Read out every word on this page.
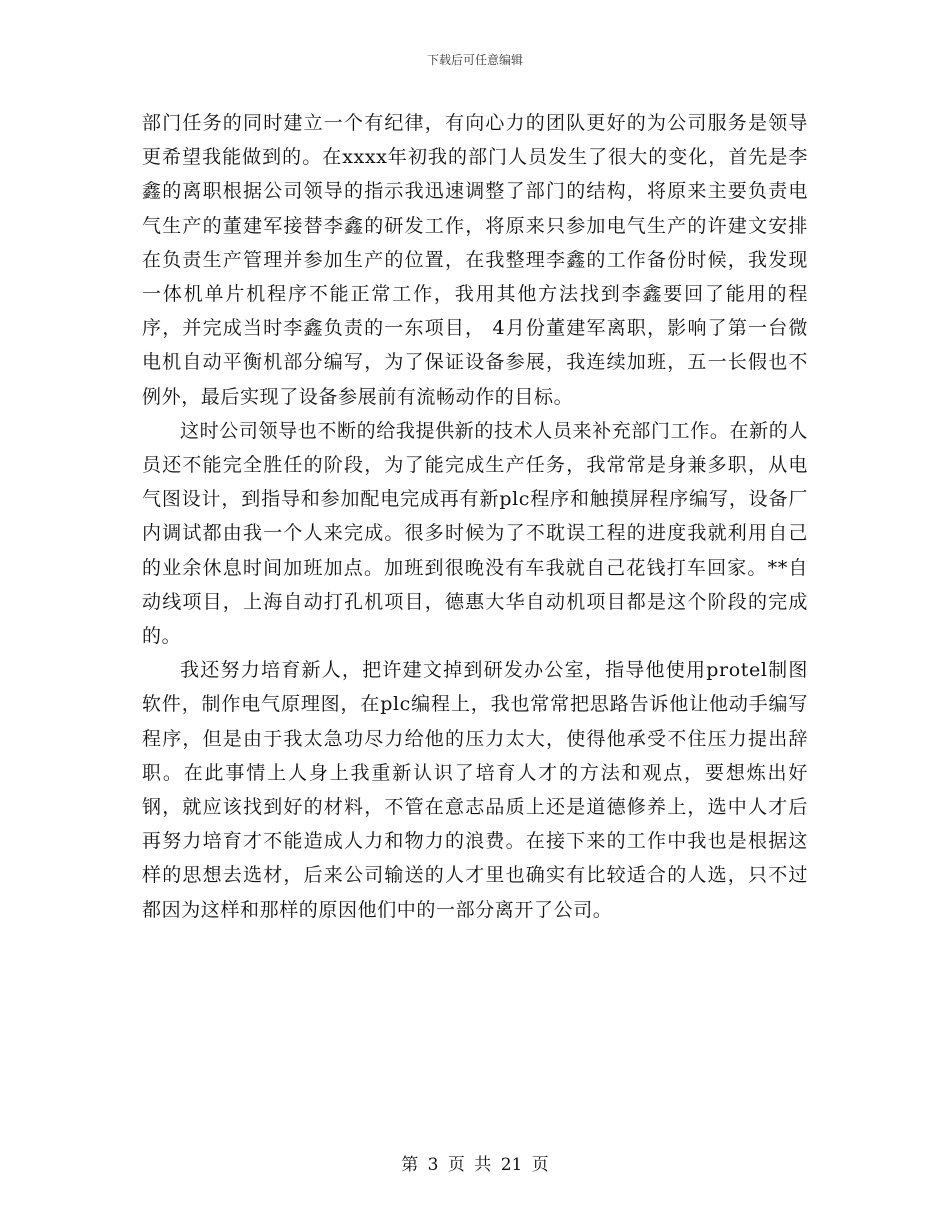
下载后可任意编辑

部门任务的同时建立一个有纪律，有向心力的团队更好的为公司服务是领导更希望我能做到的。在xxxx年初我的部门人员发生了很大的变化，首先是李鑫的离职根据公司领导的指示我迅速调整了部门的结构，将原来主要负责电气生产的董建军接替李鑫的研发工作，将原来只参加电气生产的许建文安排在负责生产管理并参加生产的位置，在我整理李鑫的工作备份时候，我发现一体机单片机程序不能正常工作，我用其他方法找到李鑫要回了能用的程序，并完成当时李鑫负责的一东项目， 4月份董建军离职，影响了第一台微电机自动平衡机部分编写，为了保证设备参展，我连续加班，五一长假也不例外，最后实现了设备参展前有流畅动作的目标。

这时公司领导也不断的给我提供新的技术人员来补充部门工作。在新的人员还不能完全胜任的阶段，为了能完成生产任务，我常常是身兼多职，从电气图设计，到指导和参加配电完成再有新plc程序和触摸屏程序编写，设备厂内调试都由我一个人来完成。很多时候为了不耽误工程的进度我就利用自己的业余休息时间加班加点。加班到很晚没有车我就自己花钱打车回家。**自动线项目，上海自动打孔机项目，德惠大华自动机项目都是这个阶段的完成的。

我还努力培育新人，把许建文掉到研发办公室，指导他使用protel制图软件，制作电气原理图，在plc编程上，我也常常把思路告诉他让他动手编写程序，但是由于我太急功尽力给他的压力太大，使得他承受不住压力提出辞职。在此事情上人身上我重新认识了培育人才的方法和观点，要想炼出好钢，就应该找到好的材料，不管在意志品质上还是道德修养上，选中人才后再努力培育才不能造成人力和物力的浪费。在接下来的工作中我也是根据这样的思想去选材，后来公司输送的人才里也确实有比较适合的人选，只不过都因为这样和那样的原因他们中的一部分离开了公司。

第 3 页 共 21 页
